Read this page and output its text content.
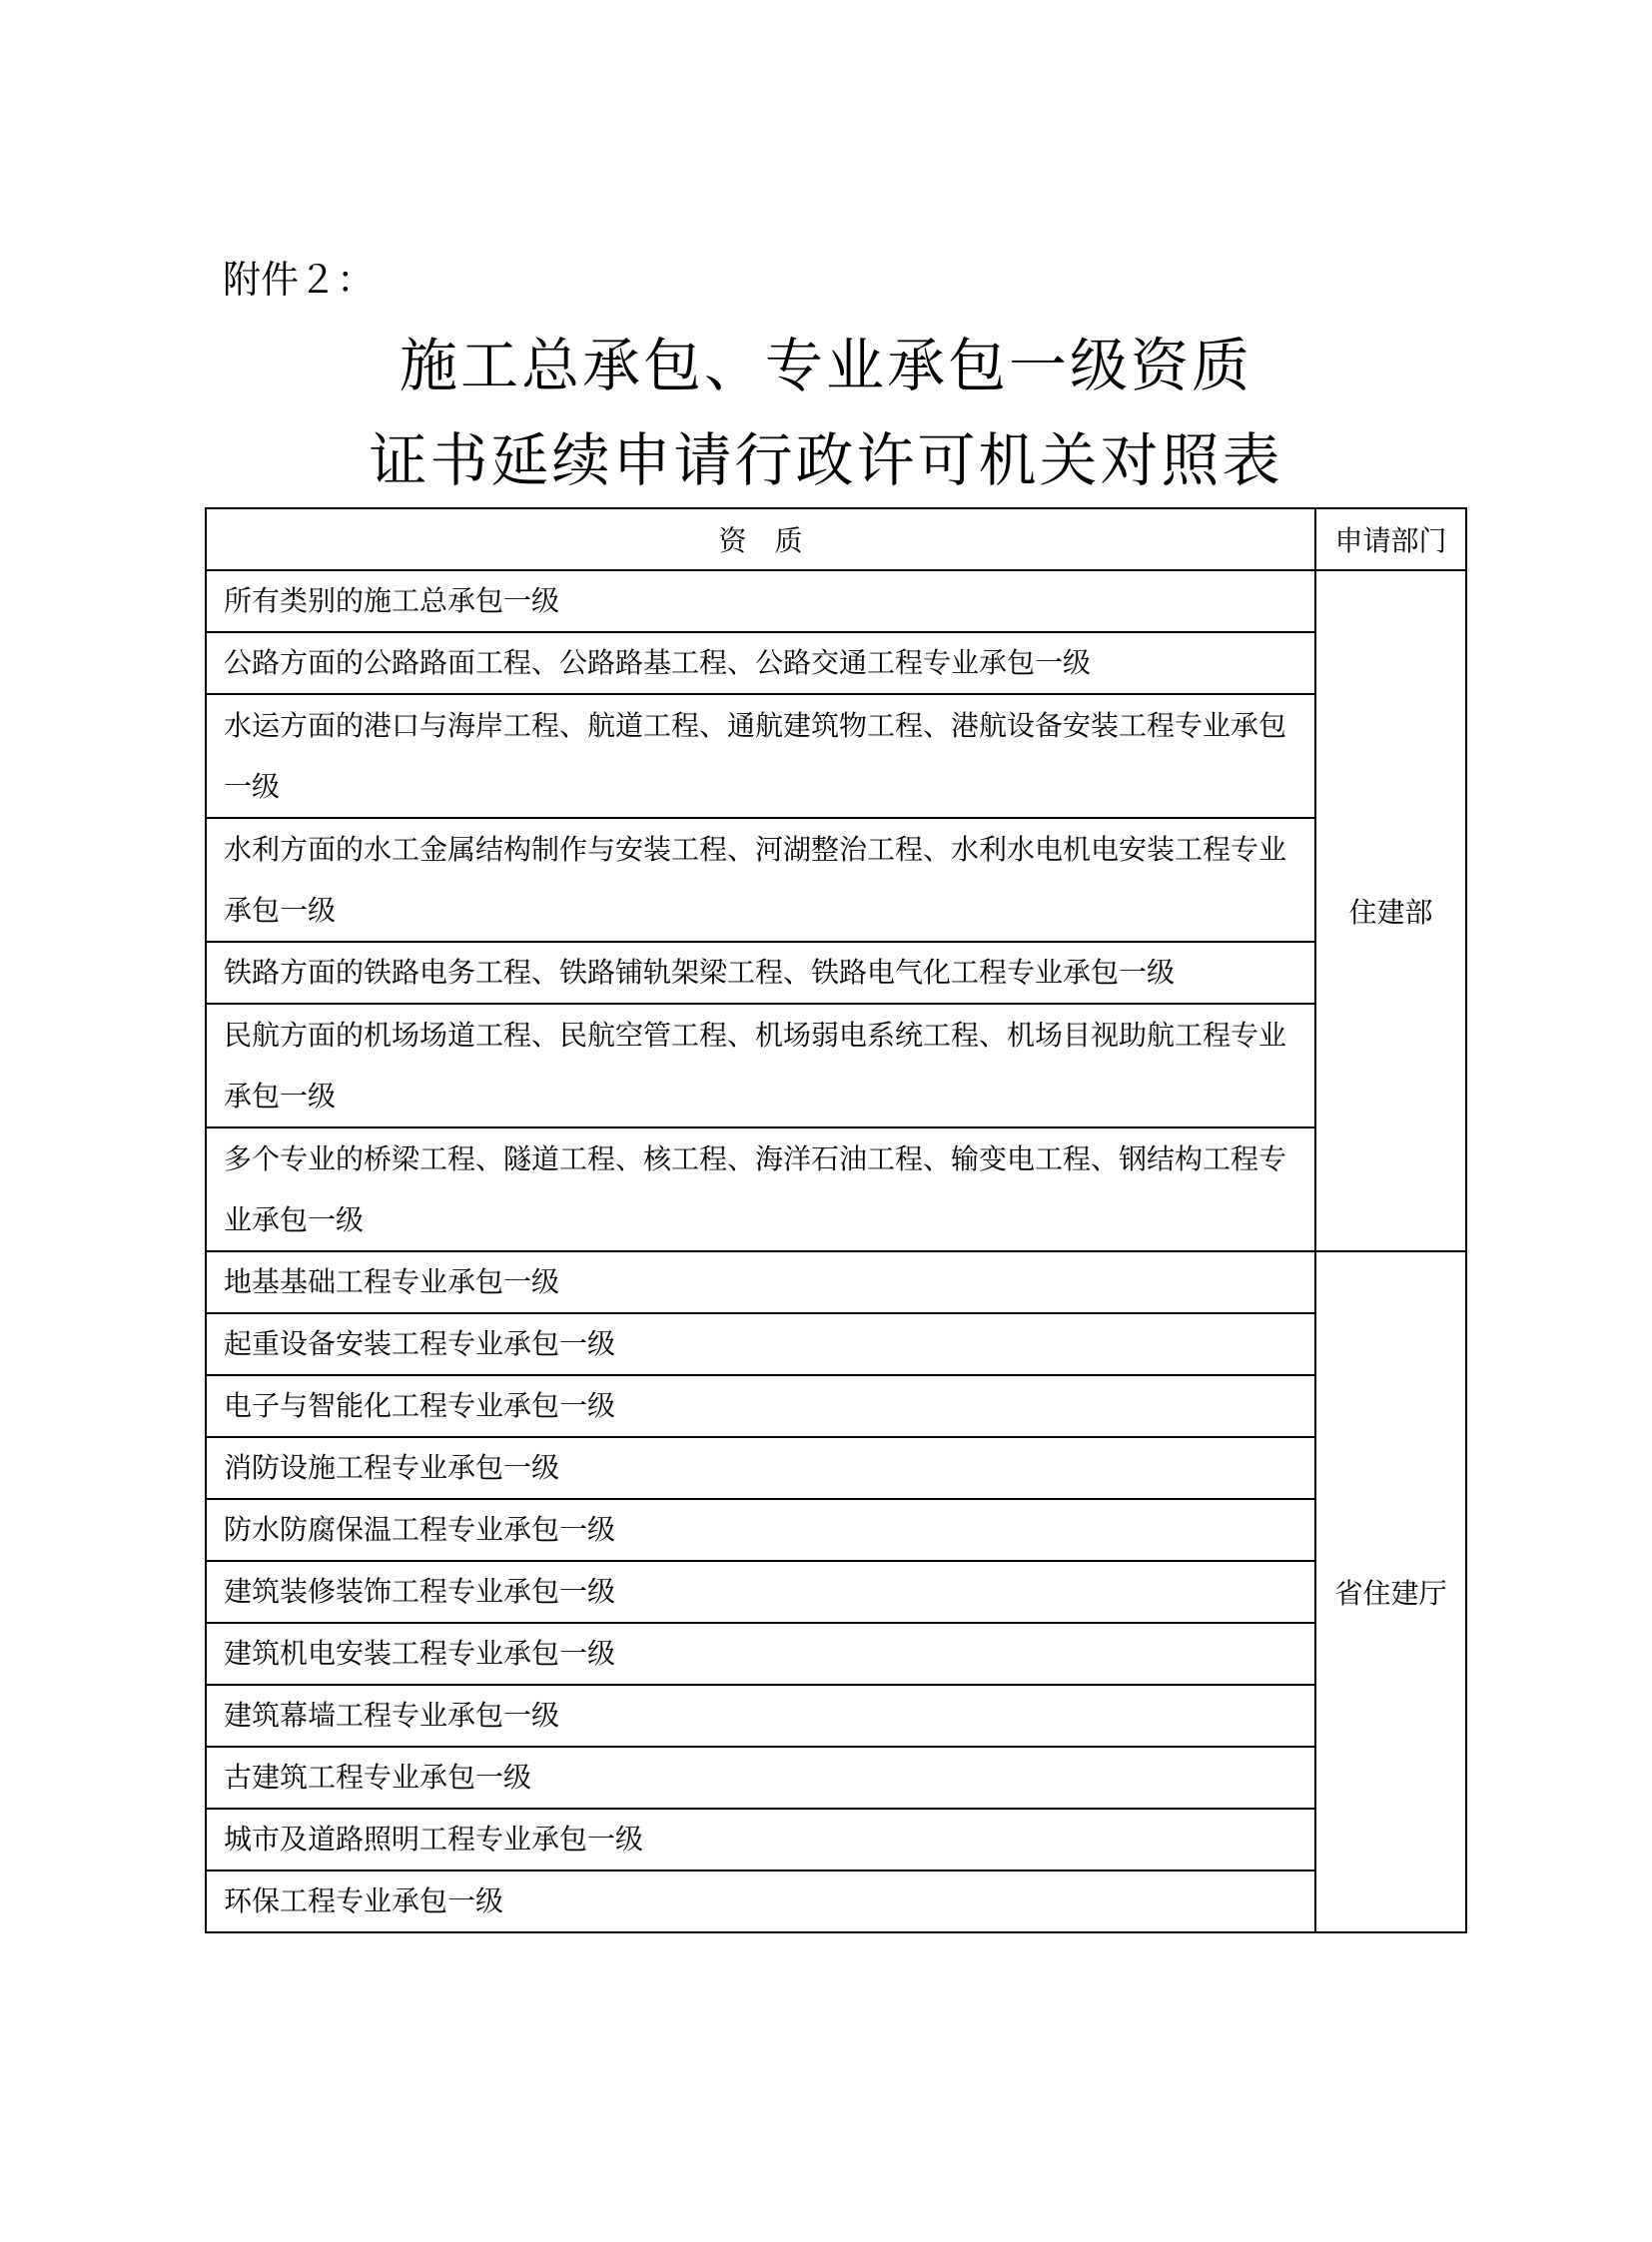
附件２：
施工总承包、专业承包一级资质
证书延续申请行政许可机关对照表
资　质	申请部门
所有类别的施工总承包一级	住建部
公路方面的公路路面工程、公路路基工程、公路交通工程专业承包一级	
水运方面的港口与海岸工程、航道工程、通航建筑物工程、港航设备安装工程专业承包一级	
水利方面的水工金属结构制作与安装工程、河湖整治工程、水利水电机电安装工程专业承包一级	
铁路方面的铁路电务工程、铁路铺轨架梁工程、铁路电气化工程专业承包一级	
民航方面的机场场道工程、民航空管工程、机场弱电系统工程、机场目视助航工程专业承包一级	
多个专业的桥梁工程、隧道工程、核工程、海洋石油工程、输变电工程、钢结构工程专业承包一级	
地基基础工程专业承包一级	省住建厅
起重设备安装工程专业承包一级	
电子与智能化工程专业承包一级	
消防设施工程专业承包一级	
防水防腐保温工程专业承包一级	
建筑装修装饰工程专业承包一级	
建筑机电安装工程专业承包一级	
建筑幕墙工程专业承包一级	
古建筑工程专业承包一级	
城市及道路照明工程专业承包一级	
环保工程专业承包一级	
